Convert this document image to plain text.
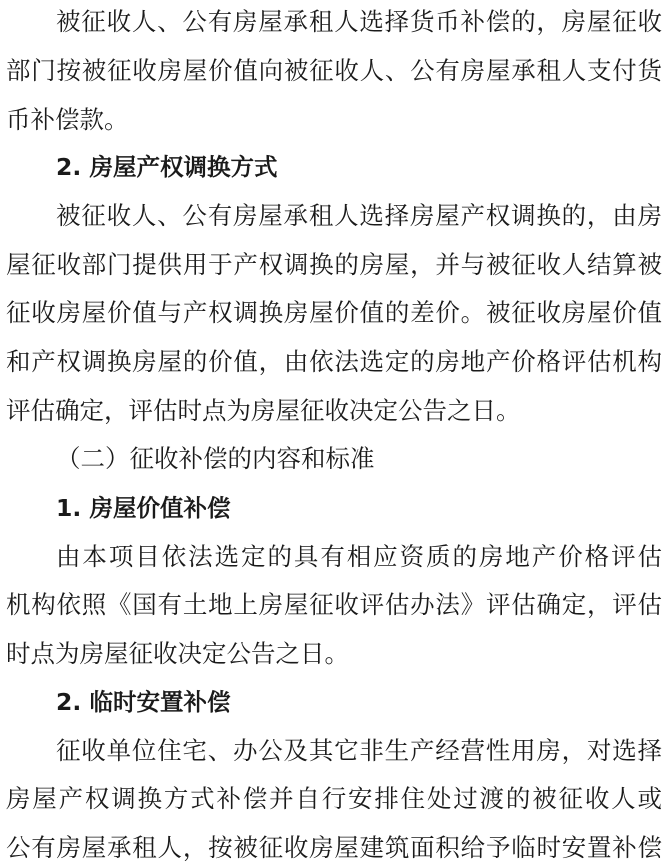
被征收人、公有房屋承租人选择货币补偿的，房屋征收
部门按被征收房屋价值向被征收人、公有房屋承租人支付货
币补偿款。
2. 房屋产权调换方式
被征收人、公有房屋承租人选择房屋产权调换的，由房
屋征收部门提供用于产权调换的房屋，并与被征收人结算被
征收房屋价值与产权调换房屋价值的差价。被征收房屋价值
和产权调换房屋的价值，由依法选定的房地产价格评估机构
评估确定，评估时点为房屋征收决定公告之日。
（二）征收补偿的内容和标准
1. 房屋价值补偿
由本项目依法选定的具有相应资质的房地产价格评估
机构依照《国有土地上房屋征收评估办法》评估确定，评估
时点为房屋征收决定公告之日。
2. 临时安置补偿
征收单位住宅、办公及其它非生产经营性用房，对选择
房屋产权调换方式补偿并自行安排住处过渡的被征收人或
公有房屋承租人，按被征收房屋建筑面积给予临时安置补偿
